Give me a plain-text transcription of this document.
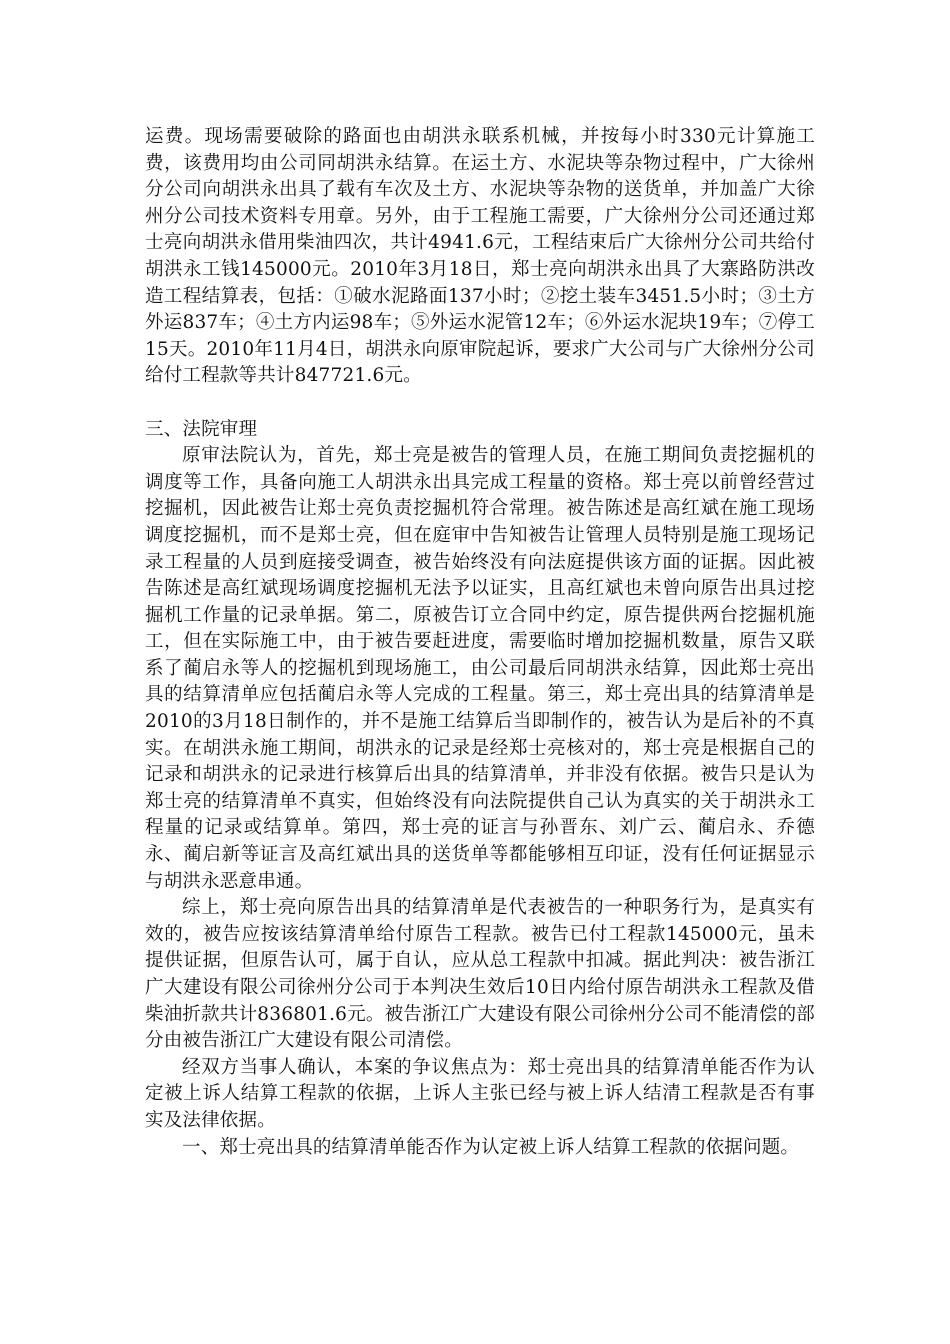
运费。现场需要破除的路面也由胡洪永联系机械，并按每小时330元计算施工费，该费用均由公司同胡洪永结算。在运土方、水泥块等杂物过程中，广大徐州分公司向胡洪永出具了载有车次及土方、水泥块等杂物的送货单，并加盖广大徐州分公司技术资料专用章。另外，由于工程施工需要，广大徐州分公司还通过郑士亮向胡洪永借用柴油四次，共计4941.6元，工程结束后广大徐州分公司共给付胡洪永工钱145000元。2010年3月18日，郑士亮向胡洪永出具了大寨路防洪改造工程结算表，包括：①破水泥路面137小时；②挖土装车3451.5小时；③土方外运837车；④土方内运98车；⑤外运水泥管12车；⑥外运水泥块19车；⑦停工15天。2010年11月4日，胡洪永向原审院起诉，要求广大公司与广大徐州分公司给付工程款等共计847721.6元。

三、法院审理

原审法院认为，首先，郑士亮是被告的管理人员，在施工期间负责挖掘机的调度等工作，具备向施工人胡洪永出具完成工程量的资格。郑士亮以前曾经营过挖掘机，因此被告让郑士亮负责挖掘机符合常理。被告陈述是高红斌在施工现场调度挖掘机，而不是郑士亮，但在庭审中告知被告让管理人员特别是施工现场记录工程量的人员到庭接受调查，被告始终没有向法庭提供该方面的证据。因此被告陈述是高红斌现场调度挖掘机无法予以证实，且高红斌也未曾向原告出具过挖掘机工作量的记录单据。第二，原被告订立合同中约定，原告提供两台挖掘机施工，但在实际施工中，由于被告要赶进度，需要临时增加挖掘机数量，原告又联系了蔺启永等人的挖掘机到现场施工，由公司最后同胡洪永结算，因此郑士亮出具的结算清单应包括蔺启永等人完成的工程量。第三，郑士亮出具的结算清单是2010的3月18日制作的，并不是施工结算后当即制作的，被告认为是后补的不真实。在胡洪永施工期间，胡洪永的记录是经郑士亮核对的，郑士亮是根据自己的记录和胡洪永的记录进行核算后出具的结算清单，并非没有依据。被告只是认为郑士亮的结算清单不真实，但始终没有向法院提供自己认为真实的关于胡洪永工程量的记录或结算单。第四，郑士亮的证言与孙晋东、刘广云、蔺启永、乔德永、蔺启新等证言及高红斌出具的送货单等都能够相互印证，没有任何证据显示与胡洪永恶意串通。

综上，郑士亮向原告出具的结算清单是代表被告的一种职务行为，是真实有效的，被告应按该结算清单给付原告工程款。被告已付工程款145000元，虽未提供证据，但原告认可，属于自认，应从总工程款中扣减。据此判决：被告浙江广大建设有限公司徐州分公司于本判决生效后10日内给付原告胡洪永工程款及借柴油折款共计836801.6元。被告浙江广大建设有限公司徐州分公司不能清偿的部分由被告浙江广大建设有限公司清偿。

经双方当事人确认，本案的争议焦点为：郑士亮出具的结算清单能否作为认定被上诉人结算工程款的依据，上诉人主张已经与被上诉人结清工程款是否有事实及法律依据。

一、郑士亮出具的结算清单能否作为认定被上诉人结算工程款的依据问题。
